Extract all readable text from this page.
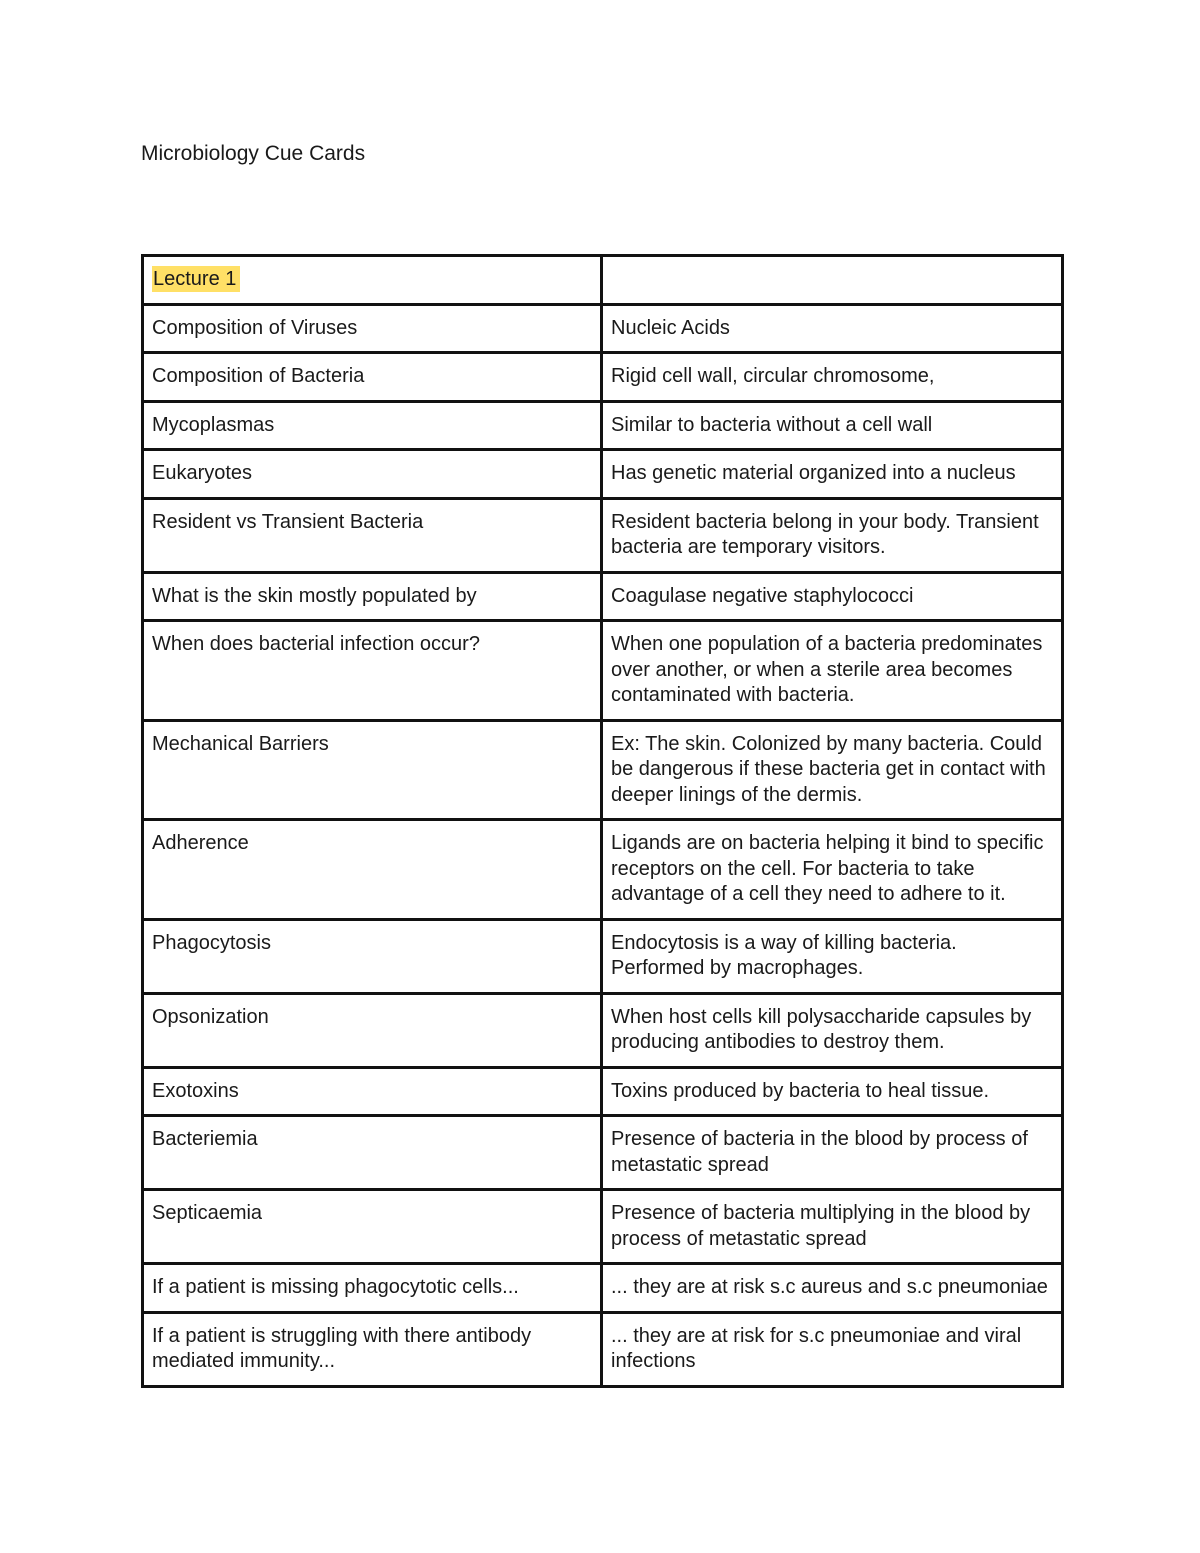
Microbiology Cue Cards
Lecture 1	
Composition of Viruses	Nucleic Acids
Composition of Bacteria	Rigid cell wall, circular chromosome,
Mycoplasmas	Similar to bacteria without a cell wall
Eukaryotes	Has genetic material organized into a nucleus
Resident vs Transient Bacteria	Resident bacteria belong in your body. Transient bacteria are temporary visitors.
What is the skin mostly populated by	Coagulase negative staphylococci
When does bacterial infection occur?	When one population of a bacteria predominates over another, or when a sterile area becomes contaminated with bacteria.
Mechanical Barriers	Ex: The skin. Colonized by many bacteria. Could be dangerous if these bacteria get in contact with deeper linings of the dermis.
Adherence	Ligands are on bacteria helping it bind to specific receptors on the cell. For bacteria to take advantage of a cell they need to adhere to it.
Phagocytosis	Endocytosis is a way of killing bacteria. Performed by macrophages.
Opsonization	When host cells kill polysaccharide capsules by producing antibodies to destroy them.
Exotoxins	Toxins produced by bacteria to heal tissue.
Bacteriemia	Presence of bacteria in the blood by process of metastatic spread
Septicaemia	Presence of bacteria multiplying in the blood by process of metastatic spread
If a patient is missing phagocytotic cells...	... they are at risk s.c aureus and s.c pneumoniae
If a patient is struggling with there antibody mediated immunity...	... they are at risk for s.c pneumoniae and viral infections
